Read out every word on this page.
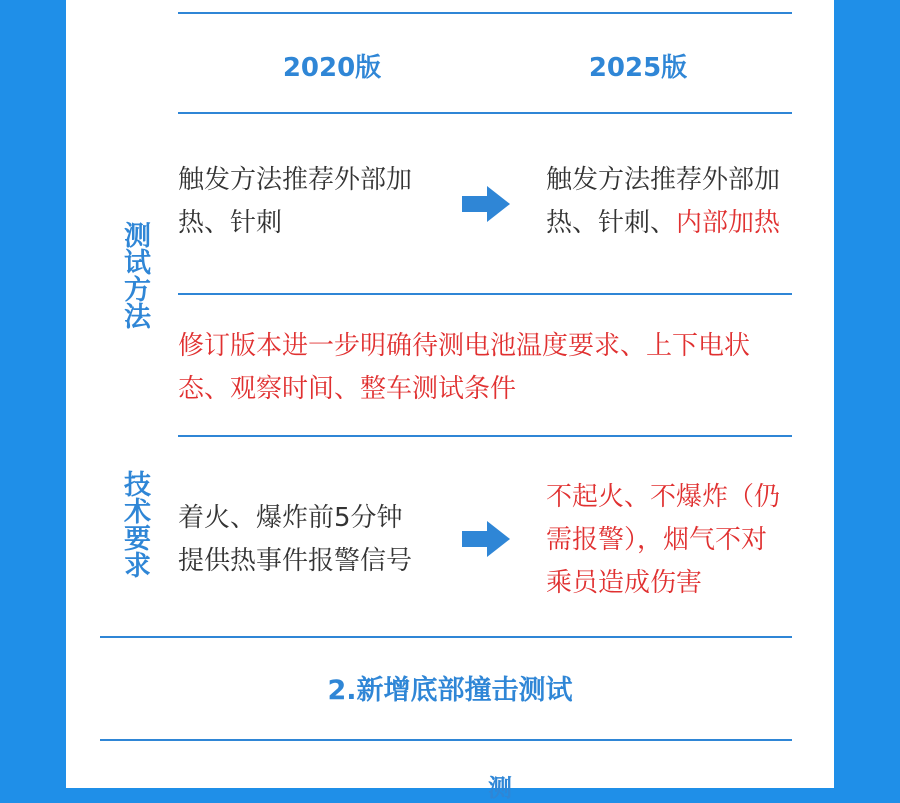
2020版	2025版
测试方法
触发方法推荐外部加
热、针刺
触发方法推荐外部加
热、针刺、内部加热
修订版本进一步明确待测电池温度要求、上下电状
态、观察时间、整车测试条件
技术要求 着火、爆炸前5分钟
提供热事件报警信号
不起火、不爆炸（仍
需报警），烟气不对
乘员造成伤害
2.新增底部撞击测试
测
